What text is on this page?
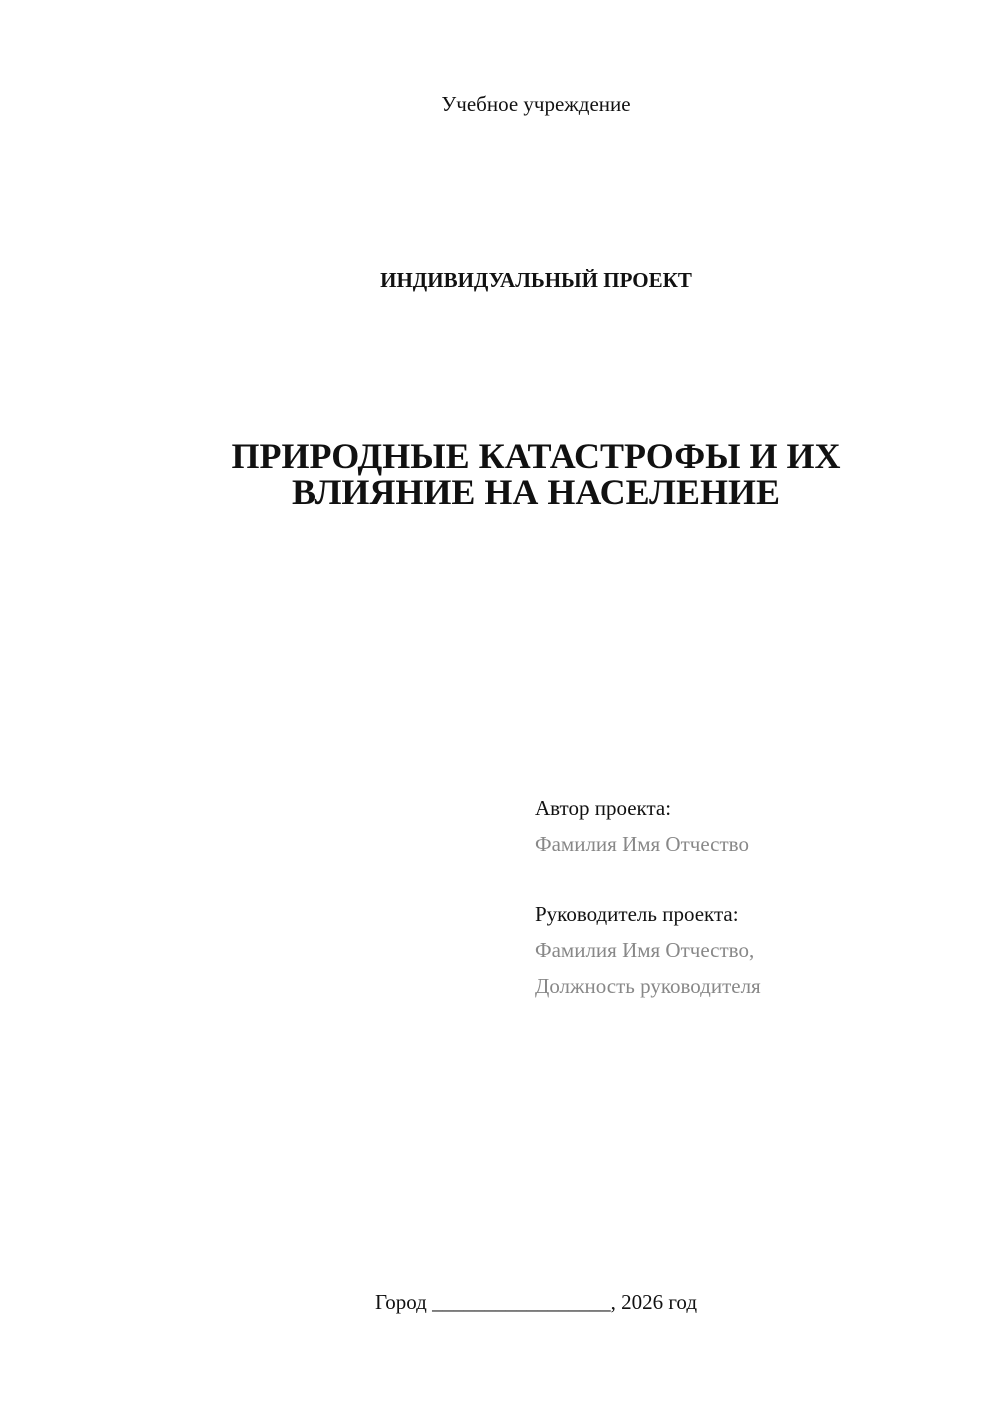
Учебное учреждение
ИНДИВИДУАЛЬНЫЙ ПРОЕКТ
ПРИРОДНЫЕ КАТАСТРОФЫ И ИХ
ВЛИЯНИЕ НА НАСЕЛЕНИЕ
Автор проекта:
Фамилия Имя Отчество
Руководитель проекта:
Фамилия Имя Отчество,
Должность руководителя
Город _________________, 2026 год
